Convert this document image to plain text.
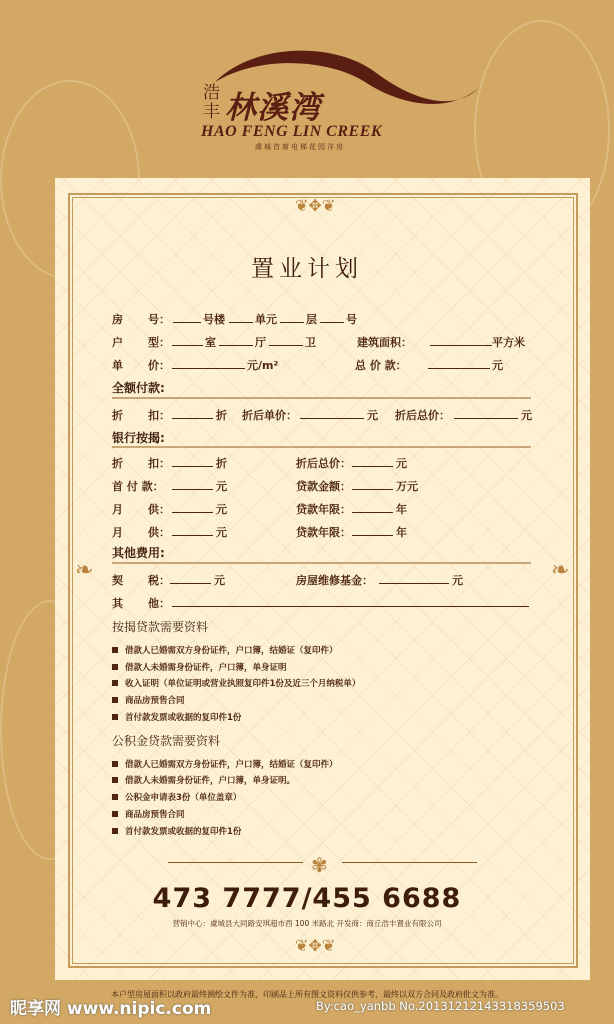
浩丰 林溪湾
HAO FENG LIN CREEK
虞城首席电梯花园洋房
❦✥❦
❦✥❦
✾
❧	❧
置业计划
房 号：	号楼	单元	层	号
户 型：	室	厅	卫	建筑面积：	平方米
单 价：	元/m²	总 价 款：	元
全额付款:
折 扣：	折 折后单价：	元 折后总价：	元
银行按揭:
折 扣：	折	折后总价：	元
首 付 款：	元	贷款金额：	万元
月 供：	元	贷款年限：	年
月 供：	元	贷款年限：	年
其他费用:
契 税：	元	房屋维修基金：	元
其 他：
按揭贷款需要资料
借款人已婚需双方身份证件，户口簿，结婚证（复印件）
借款人未婚需身份证件，户口簿，单身证明
收入证明（单位证明或营业执照复印件1份及近三个月纳税单）
商品房预售合同
首付款发票或收据的复印件1份
公积金贷款需要资料
借款人已婚需双方身份证件，户口簿，结婚证（复印件）
借款人未婚需身份证件，户口簿，单身证明。
公积金申请表3份（单位盖章）
商品房预售合同
首付款发票或收据的复印件1份
473 7777/455 6688
营销中心：虞城县大同路安琪超市西 100 米路北 开发商：商丘浩丰置业有限公司
本户型房屋面积以政府最终测绘文件为准，印刷品上所有图文资料仅供参考，最终以双方合同及政府批文为准。
昵享网 www.nipic.com	By:cao_yanbb No.20131212143318359503
